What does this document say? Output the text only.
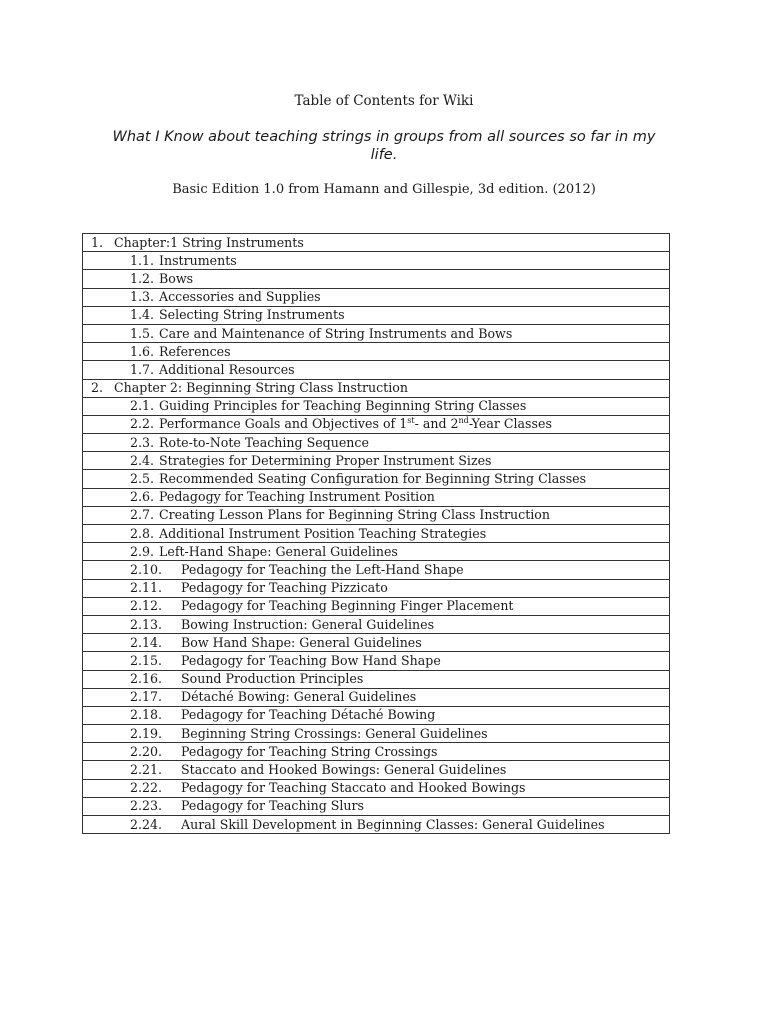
Table of Contents for Wiki

What I Know about teaching strings in groups from all sources so far in my life.

Basic Edition 1.0 from Hamann and Gillespie, 3d edition. (2012)

1. Chapter:1 String Instruments

1.1. Instruments

1.2. Bows

1.3. Accessories and Supplies

1.4. Selecting String Instruments

1.5. Care and Maintenance of String Instruments and Bows

1.6. References

1.7. Additional Resources

2. Chapter 2: Beginning String Class Instruction

2.1. Guiding Principles for Teaching Beginning String Classes

2.2. Performance Goals and Objectives of 1st- and 2nd-Year Classes

2.3. Rote-to-Note Teaching Sequence

2.4. Strategies for Determining Proper Instrument Sizes

2.5. Recommended Seating Configuration for Beginning String Classes

2.6. Pedagogy for Teaching Instrument Position

2.7. Creating Lesson Plans for Beginning String Class Instruction

2.8. Additional Instrument Position Teaching Strategies

2.9. Left-Hand Shape: General Guidelines

2.10.	Pedagogy for Teaching the Left-Hand Shape

2.11.	Pedagogy for Teaching Pizzicato

2.12.	Pedagogy for Teaching Beginning Finger Placement

2.13.	Bowing Instruction: General Guidelines

2.14.	Bow Hand Shape: General Guidelines

2.15.	Pedagogy for Teaching Bow Hand Shape

2.16.	Sound Production Principles

2.17.	Détaché Bowing: General Guidelines

2.18.	Pedagogy for Teaching Détaché Bowing

2.19.	Beginning String Crossings: General Guidelines

2.20.	Pedagogy for Teaching String Crossings

2.21.	Staccato and Hooked Bowings: General Guidelines

2.22.	Pedagogy for Teaching Staccato and Hooked Bowings

2.23.	Pedagogy for Teaching Slurs

2.24.	Aural Skill Development in Beginning Classes: General Guidelines
